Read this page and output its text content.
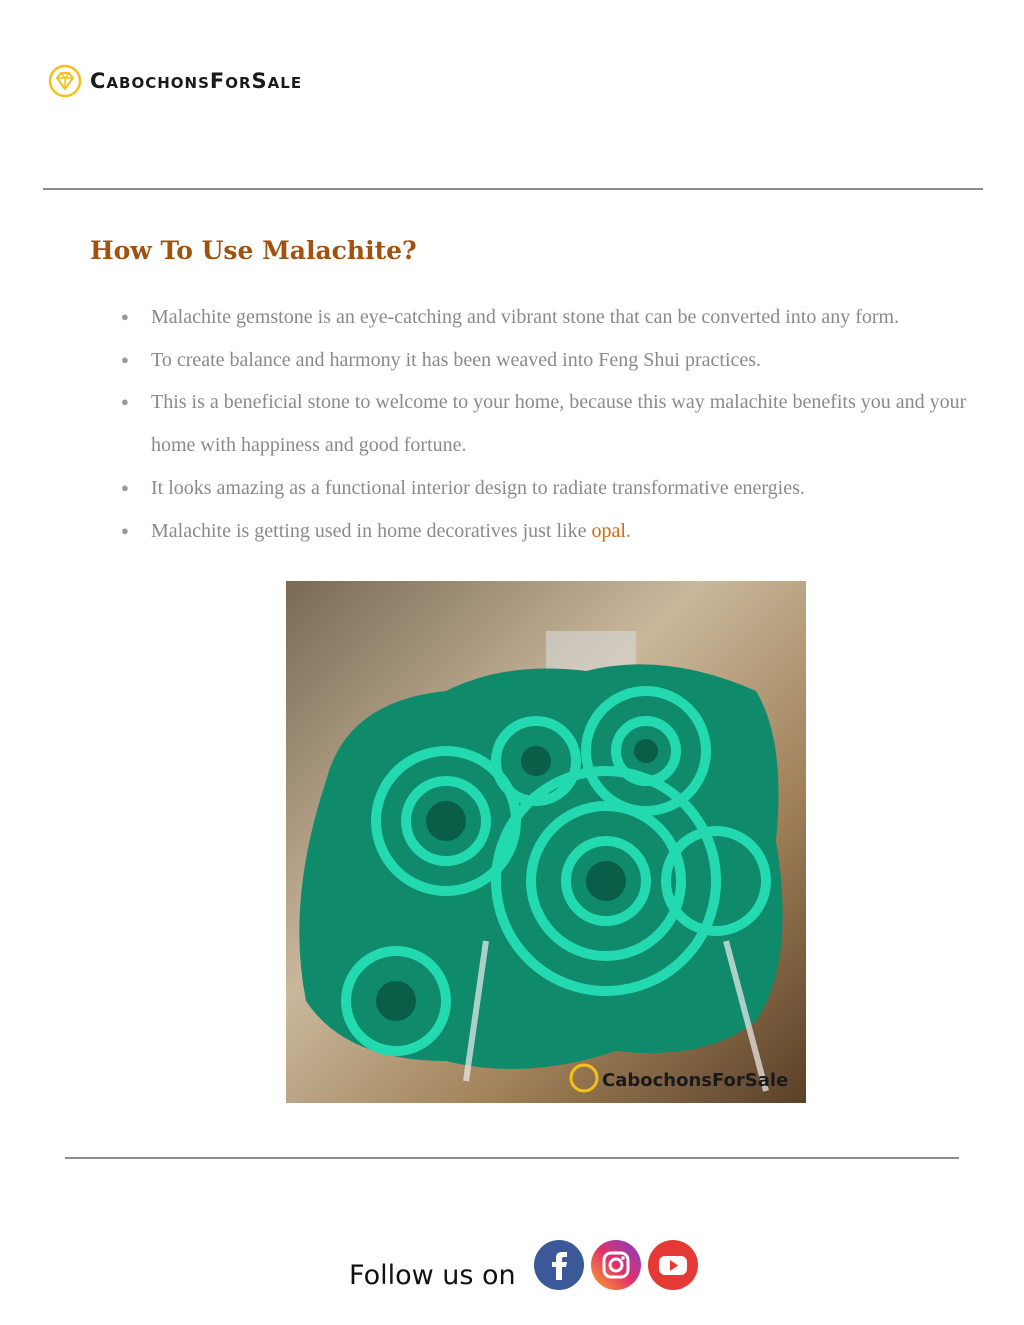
CabochonsForSale
How To Use Malachite?
● Malachite gemstone is an eye-catching and vibrant stone that can be converted into any form.
● To create balance and harmony it has been weaved into Feng Shui practices.
● This is a beneficial stone to welcome to your home, because this way malachite benefits you and your home with happiness and good fortune.
● It looks amazing as a functional interior design to radiate transformative energies.
● Malachite is getting used in home decoratives just like opal.
CabochonsForSale
Follow us on
